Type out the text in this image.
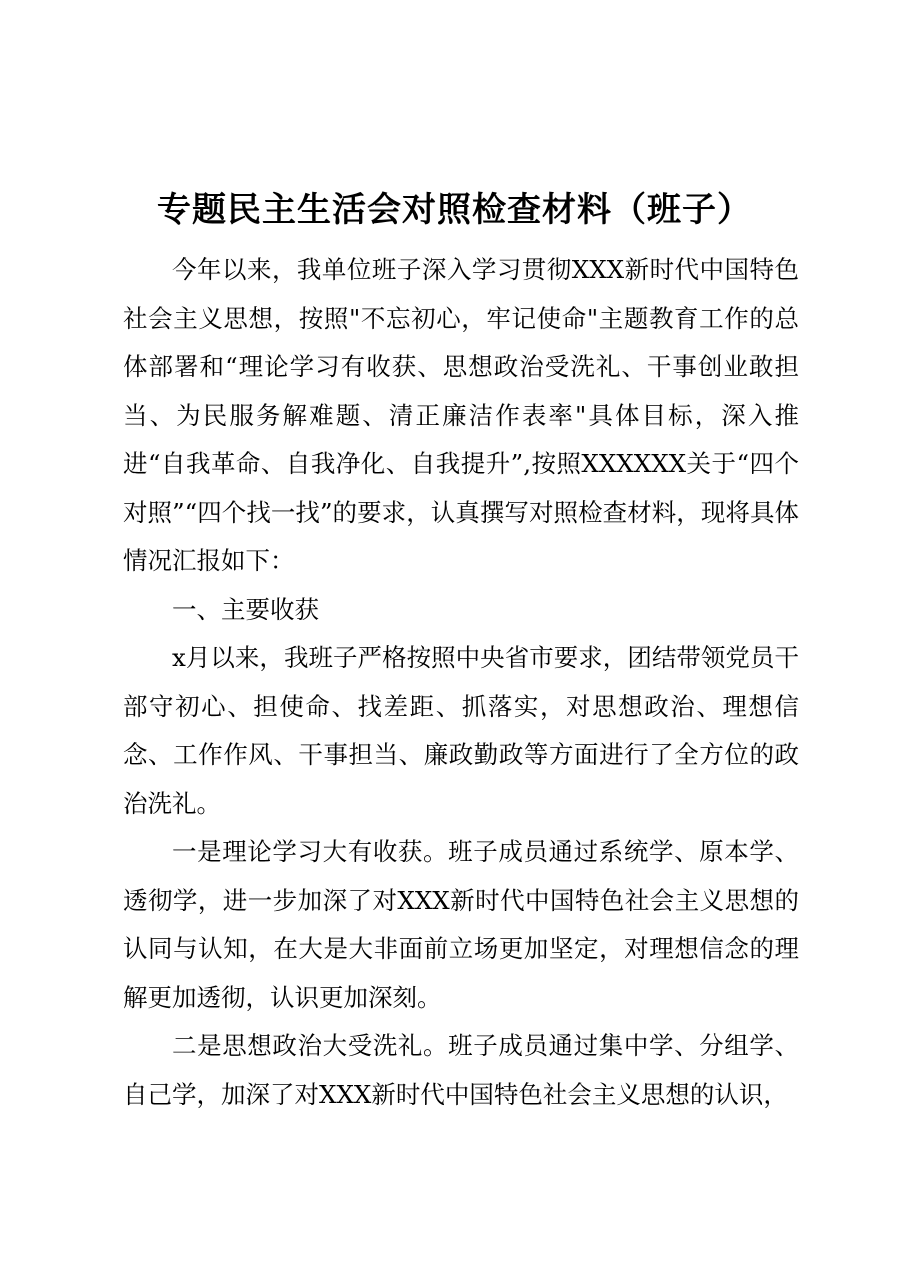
专题民主生活会对照检查材料（班子）

今年以来，我单位班子深入学习贯彻XXX新时代中国特色社会主义思想，按照"不忘初心，牢记使命"主题教育工作的总体部署和“理论学习有收获、思想政治受洗礼、干事创业敢担当、为民服务解难题、清正廉洁作表率"具体目标，深入推进“自我革命、自我净化、自我提升”,按照XXXXXX关于“四个对照”“四个找一找”的要求，认真撰写对照检查材料，现将具体情况汇报如下：

一、主要收获

x月以来，我班子严格按照中央省市要求，团结带领党员干部守初心、担使命、找差距、抓落实，对思想政治、理想信念、工作作风、干事担当、廉政勤政等方面进行了全方位的政治洗礼。

一是理论学习大有收获。班子成员通过系统学、原本学、透彻学，进一步加深了对XXX新时代中国特色社会主义思想的认同与认知，在大是大非面前立场更加坚定，对理想信念的理解更加透彻，认识更加深刻。

二是思想政治大受洗礼。班子成员通过集中学、分组学、自己学，加深了对XXX新时代中国特色社会主义思想的认识，
